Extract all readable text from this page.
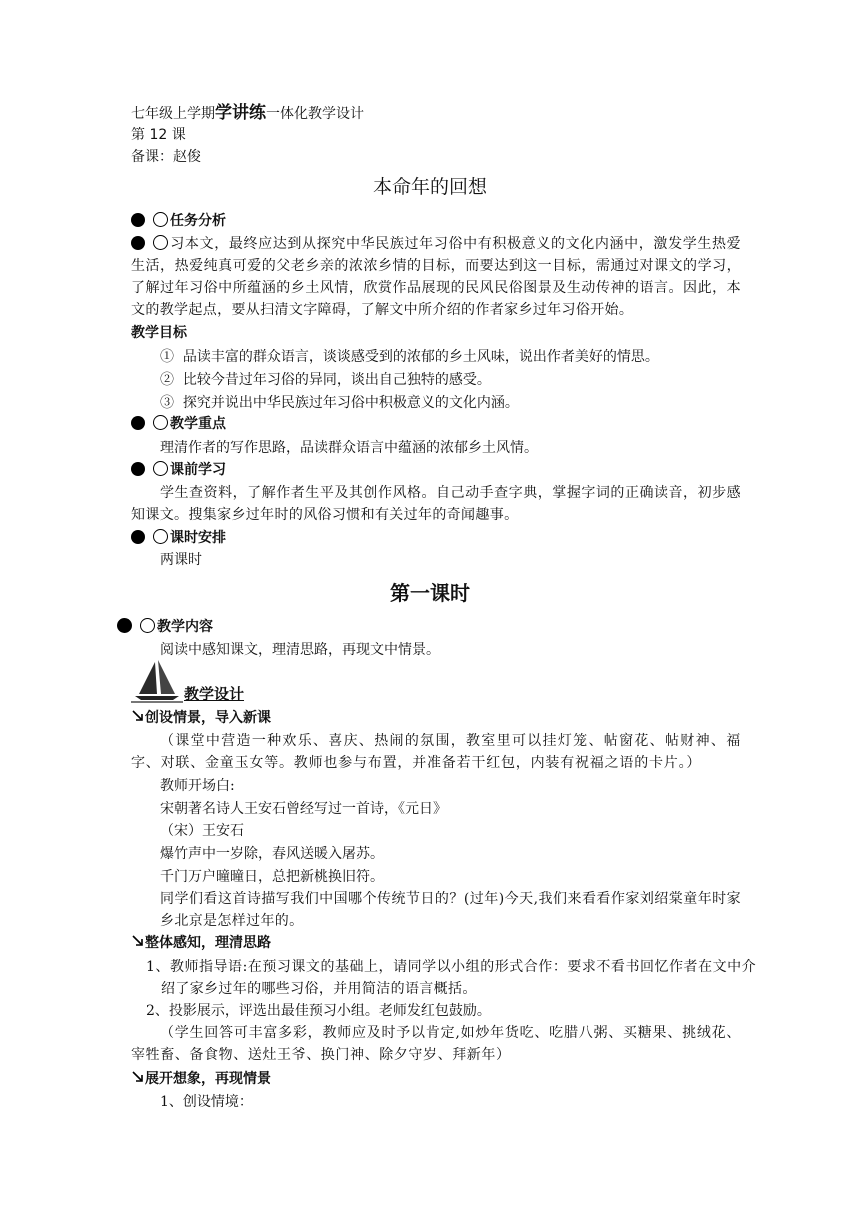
七年级上学期学讲练一体化教学设计
第 12 课
备课：赵俊
本命年的回想
任务分析
习本文，最终应达到从探究中华民族过年习俗中有积极意义的文化内涵中，激发学生热爱生活，热爱纯真可爱的父老乡亲的浓浓乡情的目标，而要达到这一目标，需通过对课文的学习，了解过年习俗中所蕴涵的乡土风情，欣赏作品展现的民风民俗图景及生动传神的语言。因此，本文的教学起点，要从扫清文字障碍，了解文中所介绍的作者家乡过年习俗开始。
教学目标
① 品读丰富的群众语言，谈谈感受到的浓郁的乡土风味，说出作者美好的情思。
② 比较今昔过年习俗的异同，谈出自己独特的感受。
③ 探究并说出中华民族过年习俗中积极意义的文化内涵。
教学重点
理清作者的写作思路，品读群众语言中蕴涵的浓郁乡土风情。
课前学习
学生查资料，了解作者生平及其创作风格。自己动手查字典，掌握字词的正确读音，初步感知课文。搜集家乡过年时的风俗习惯和有关过年的奇闻趣事。
课时安排
两课时
第一课时
教学内容
阅读中感知课文，理清思路，再现文中情景。
教学设计
创设情景，导入新课
（课堂中营造一种欢乐、喜庆、热闹的氛围，教室里可以挂灯笼、帖窗花、帖财神、福字、对联、金童玉女等。教师也参与布置，并准备若干红包，内装有祝福之语的卡片。）
教师开场白:
宋朝著名诗人王安石曾经写过一首诗，《元日》
（宋）王安石
爆竹声中一岁除，春风送暖入屠苏。
千门万户曈曈日，总把新桃换旧符。
同学们看这首诗描写我们中国哪个传统节日的？(过年)今天,我们来看看作家刘绍棠童年时家乡北京是怎样过年的。
整体感知，理清思路
1、教师指导语:在预习课文的基础上，请同学以小组的形式合作：要求不看书回忆作者在文中介绍了家乡过年的哪些习俗，并用简洁的语言概括。
2、投影展示，评选出最佳预习小组。老师发红包鼓励。
（学生回答可丰富多彩，教师应及时予以肯定,如炒年货吃、吃腊八粥、买糖果、挑绒花、宰牲畜、备食物、送灶王爷、换门神、除夕守岁、拜新年）
展开想象，再现情景
1、创设情境：
